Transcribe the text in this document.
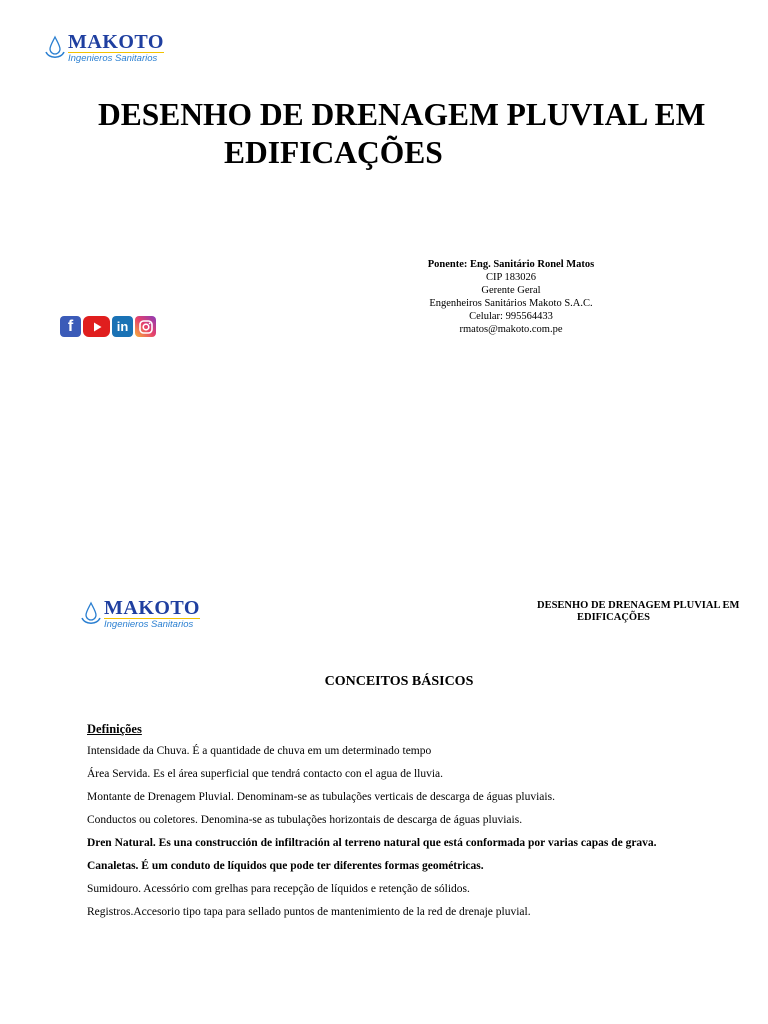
MAKOTO
Ingenieros Sanitarios
DESENHO DE DRENAGEM PLUVIAL EM
EDIFICAÇÕES
Ponente: Eng. Sanitário Ronel Matos
CIP 183026
Gerente Geral
Engenheiros Sanitários Makoto S.A.C.
Celular: 995564433
rmatos@makoto.com.pe
f	in
MAKOTO
Ingenieros Sanitarios
DESENHO DE DRENAGEM PLUVIAL EM
EDIFICAÇÕES
CONCEITOS BÁSICOS
Definições
Intensidade da Chuva. É a quantidade de chuva em um determinado tempo
Área Servida. Es el área superficial que tendrá contacto con el agua de lluvia.
Montante de Drenagem Pluvial. Denominam-se as tubulações verticais de descarga de águas pluviais.
Conductos ou coletores. Denomina-se as tubulações horizontais de descarga de águas pluviais.
Dren Natural. Es una construcción de infiltración al terreno natural que está conformada por varias capas de grava.
Canaletas. É um conduto de líquidos que pode ter diferentes formas geométricas.
Sumidouro. Acessório com grelhas para recepção de líquidos e retenção de sólidos.
Registros.Accesorio tipo tapa para sellado puntos de mantenimiento de la red de drenaje pluvial.
